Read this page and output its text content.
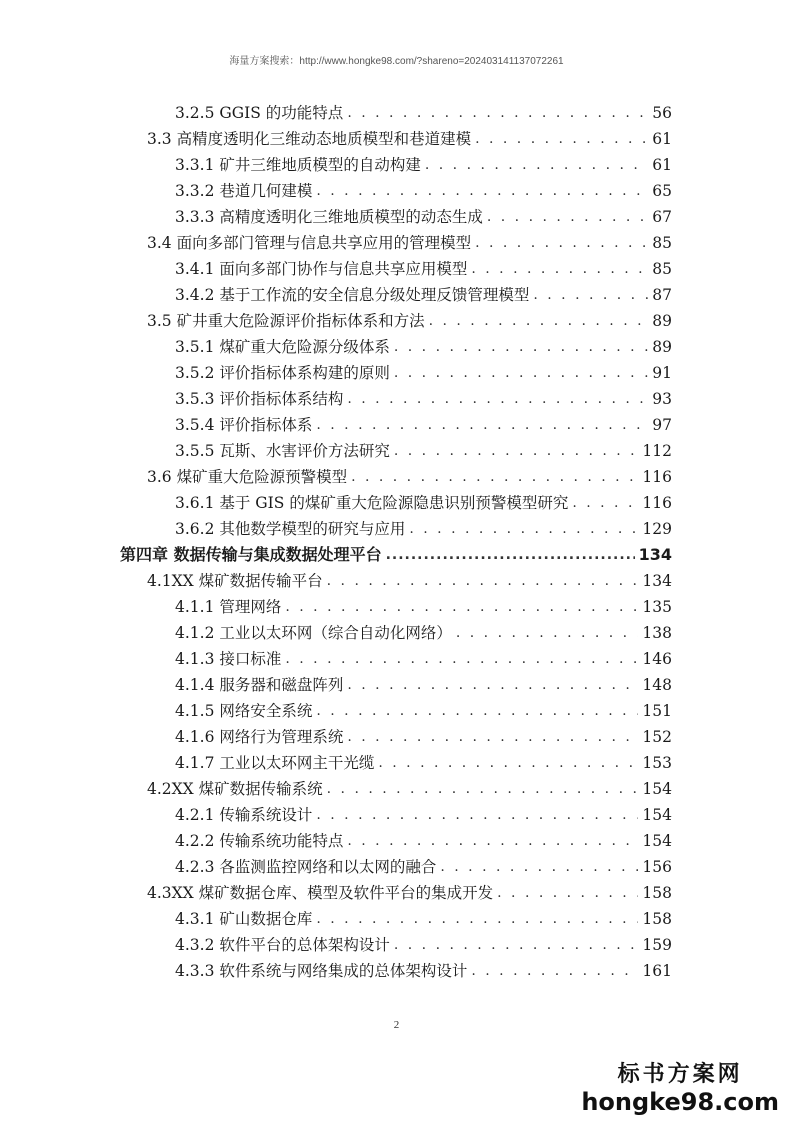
海量方案搜索：http://www.hongke98.com/?shareno=202403141137072261
3.2.5 GGIS 的功能特点 . . .	56
3.3 高精度透明化三维动态地质模型和巷道建模 . . .	61
3.3.1 矿井三维地质模型的自动构建 . . .	61
3.3.2 巷道几何建模 . . .	65
3.3.3 高精度透明化三维地质模型的动态生成 . . .	67
3.4 面向多部门管理与信息共享应用的管理模型 . . .	85
3.4.1 面向多部门协作与信息共享应用模型 . . .	85
3.4.2 基于工作流的安全信息分级处理反馈管理模型 . . .	87
3.5 矿井重大危险源评价指标体系和方法 . . .	89
3.5.1 煤矿重大危险源分级体系 . . .	89
3.5.2 评价指标体系构建的原则 . . .	91
3.5.3 评价指标体系结构 . . .	93
3.5.4 评价指标体系 . . .	97
3.5.5 瓦斯、水害评价方法研究 . . .	112
3.6 煤矿重大危险源预警模型 . . .	116
3.6.1 基于 GIS 的煤矿重大危险源隐患识别预警模型研究 . . .	116
3.6.2 其他数学模型的研究与应用 . . .	129
第四章 数据传输与集成数据处理平台 .....	134
4.1XX 煤矿数据传输平台 . . .	134
4.1.1 管理网络 . . .	135
4.1.2 工业以太环网（综合自动化网络） . . .	138
4.1.3 接口标准 . . .	146
4.1.4 服务器和磁盘阵列 . . .	148
4.1.5 网络安全系统 . . .	151
4.1.6 网络行为管理系统 . . .	152
4.1.7 工业以太环网主干光缆 . . .	153
4.2XX 煤矿数据传输系统 . . .	154
4.2.1 传输系统设计 . . .	154
4.2.2 传输系统功能特点 . . .	154
4.2.3 各监测监控网络和以太网的融合 . . .	156
4.3XX 煤矿数据仓库、模型及软件平台的集成开发 . . .	158
4.3.1 矿山数据仓库 . . .	158
4.3.2 软件平台的总体架构设计 . . .	159
4.3.3 软件系统与网络集成的总体架构设计 . . .	161
2
标书方案网
hongke98.com
